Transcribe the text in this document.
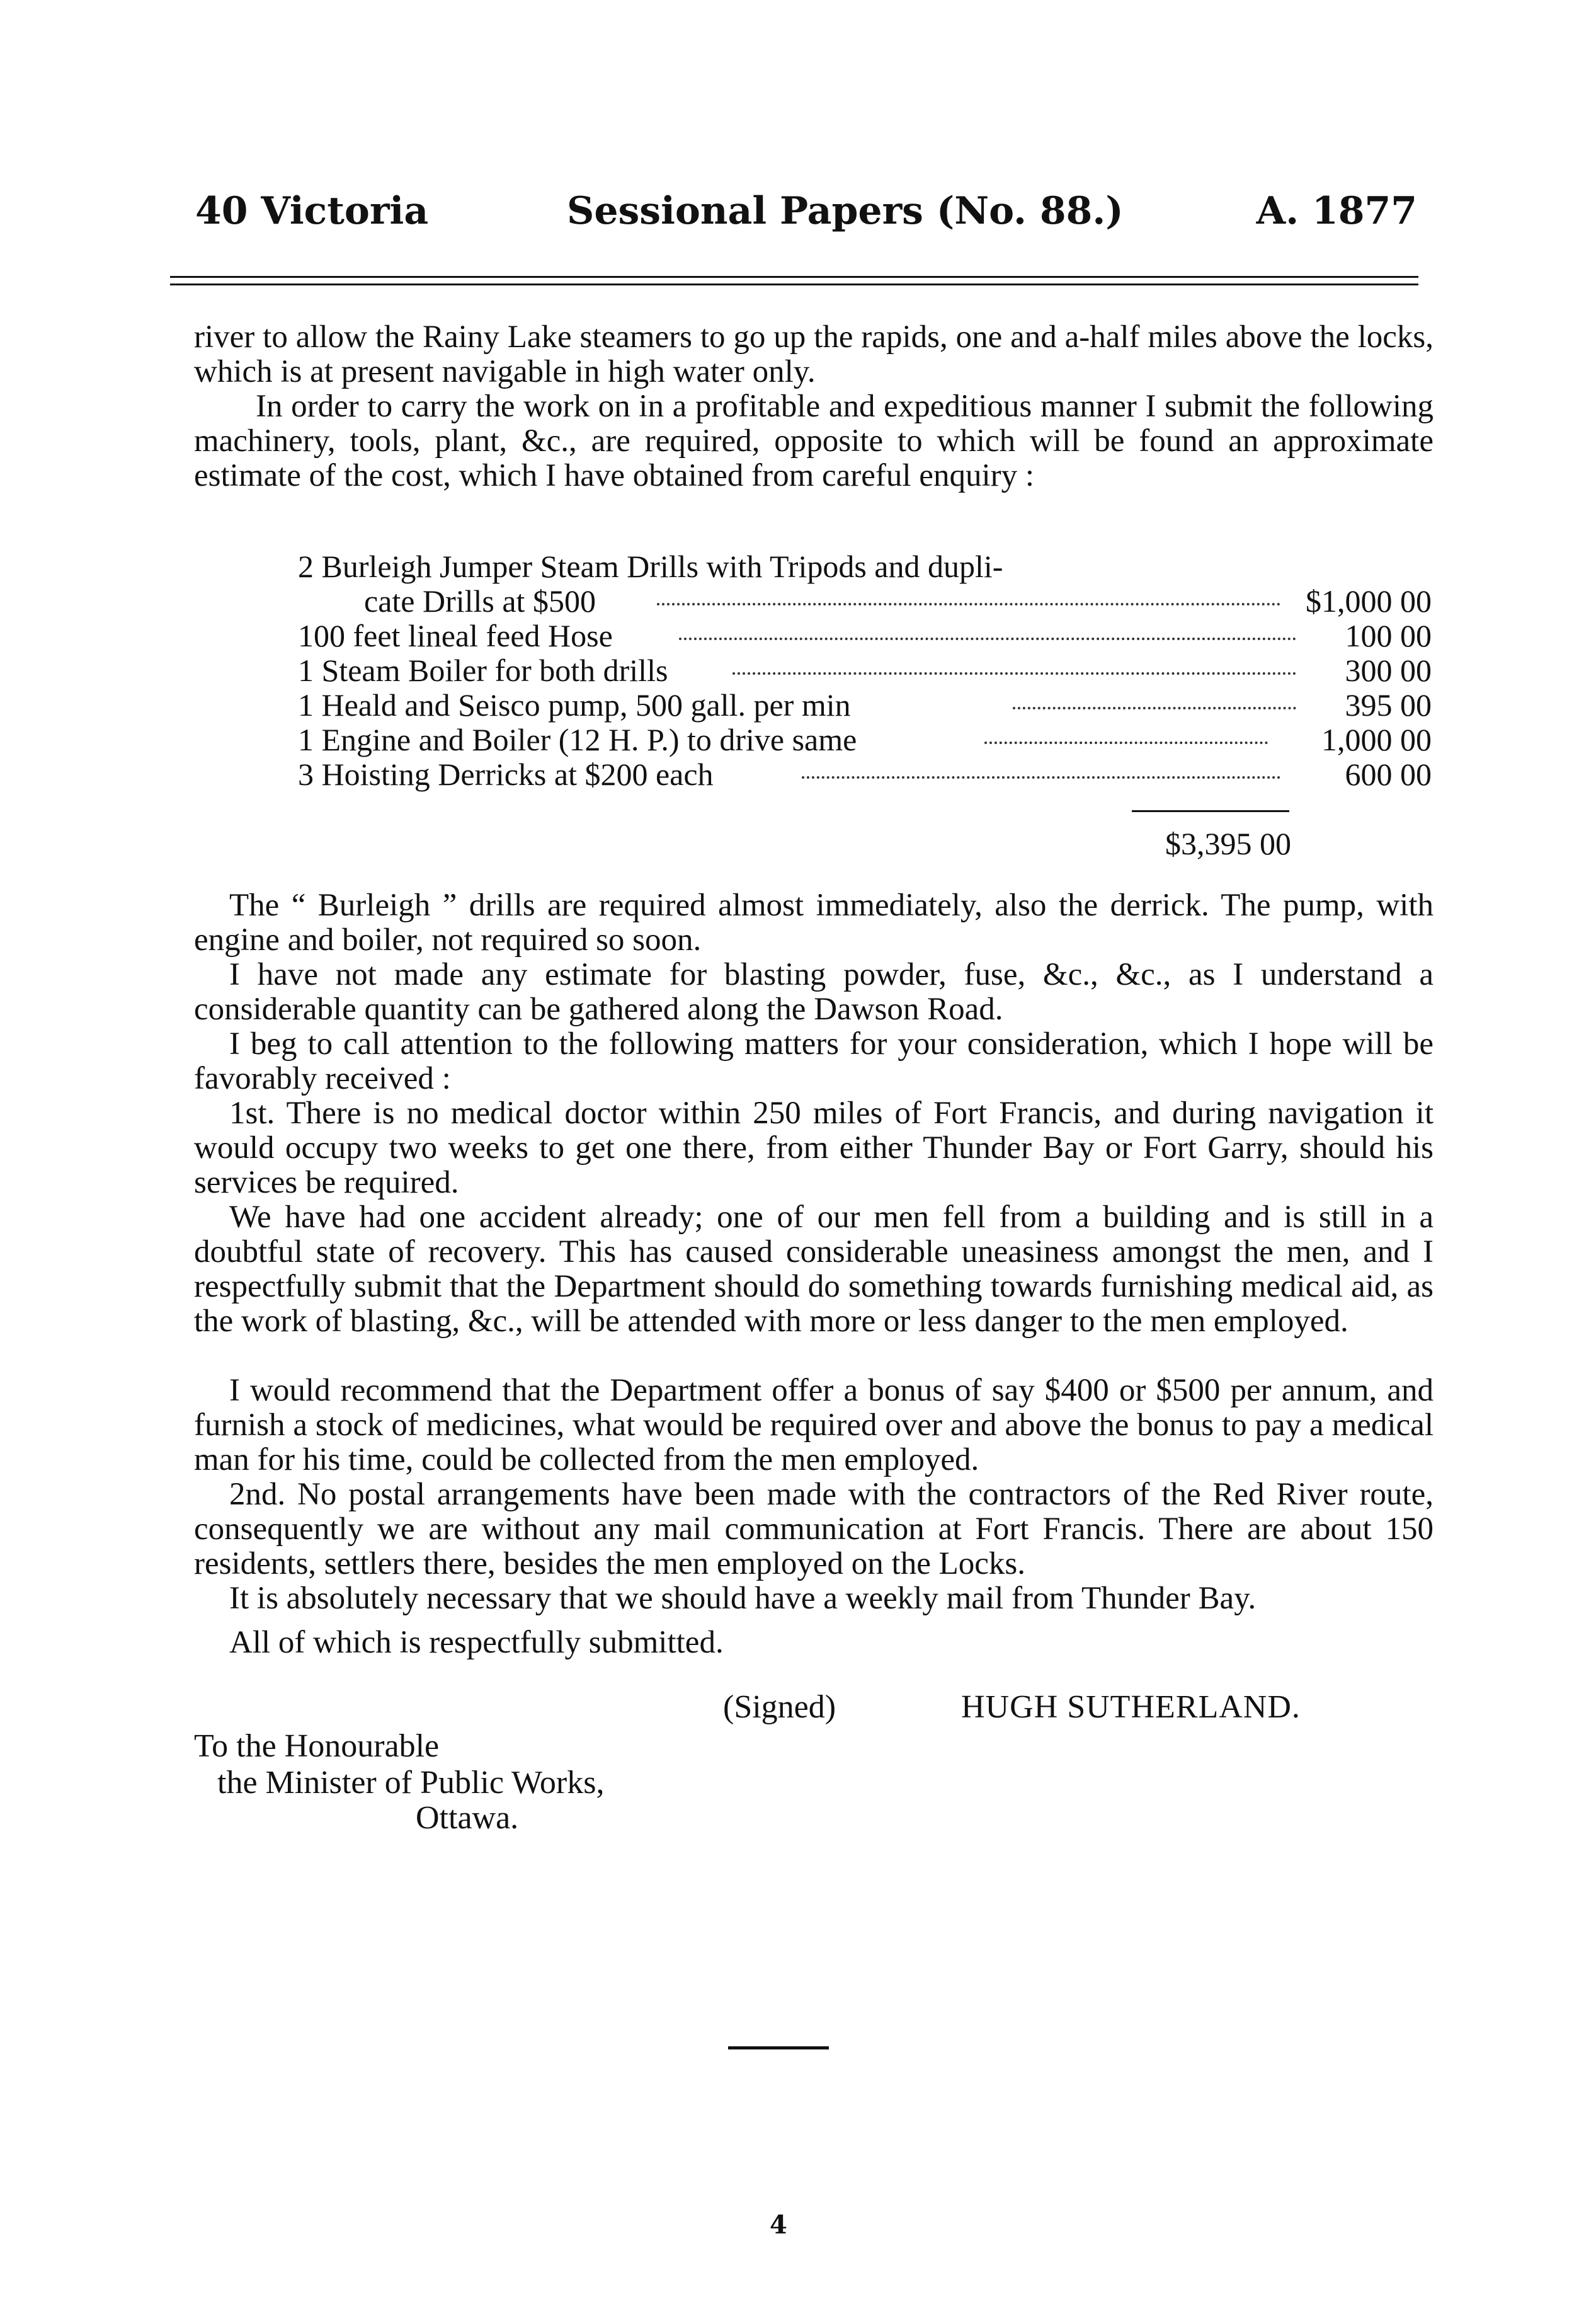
40 Victoria	Sessional Papers (No. 88.)	A. 1877

river to allow the Rainy Lake steamers to go up the rapids, one and a-half miles above the locks, which is at present navigable in high water only.

In order to carry the work on in a profitable and expeditious manner I submit the following machinery, tools, plant, &c., are required, opposite to which will be found an approximate estimate of the cost, which I have obtained from careful enquiry :

2 Burleigh Jumper Steam Drills with Tripods and dupli-
cate Drills at $500	$1,000 00
100 feet lineal feed Hose	100 00
1 Steam Boiler for both drills	300 00
1 Heald and Seisco pump, 500 gall. per min	395 00
1 Engine and Boiler (12 H. P.) to drive same	1,000 00
3 Hoisting Derricks at $200 each	600 00
$3,395 00

The “ Burleigh ” drills are required almost immediately, also the derrick. The pump, with engine and boiler, not required so soon.

I have not made any estimate for blasting powder, fuse, &c., &c., as I understand a considerable quantity can be gathered along the Dawson Road.

I beg to call attention to the following matters for your consideration, which I hope will be favorably received :

1st. There is no medical doctor within 250 miles of Fort Francis, and during navigation it would occupy two weeks to get one there, from either Thunder Bay or Fort Garry, should his services be required.

We have had one accident already; one of our men fell from a building and is still in a doubtful state of recovery. This has caused considerable uneasiness amongst the men, and I respectfully submit that the Department should do something towards furnishing medical aid, as the work of blasting, &c., will be attended with more or less danger to the men employed.

I would recommend that the Department offer a bonus of say $400 or $500 per annum, and furnish a stock of medicines, what would be required over and above the bonus to pay a medical man for his time, could be collected from the men employed.

2nd. No postal arrangements have been made with the contractors of the Red River route, consequently we are without any mail communication at Fort Francis. There are about 150 residents, settlers there, besides the men employed on the Locks.

It is absolutely necessary that we should have a weekly mail from Thunder Bay.

All of which is respectfully submitted.

(Signed)	HUGH SUTHERLAND.
To the Honourable
the Minister of Public Works,
Ottawa.
4
